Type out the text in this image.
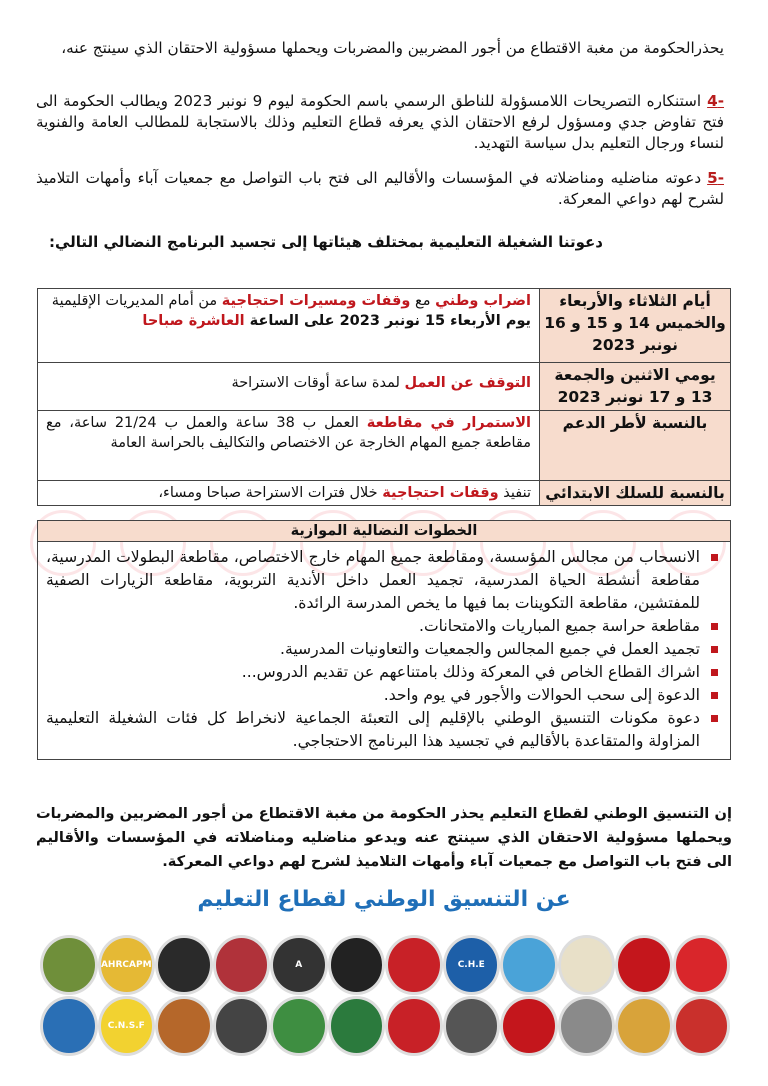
يحذرالحكومة من مغبة الاقتطاع من أجور المضربين والمضربات ويحملها مسؤولية الاحتقان الذي سينتج عنه،
-4استنكاره التصريحات اللامسؤولة للناطق الرسمي باسم الحكومة ليوم 9 نونبر 2023 ويطالب الحكومة الى فتح تفاوض جدي ومسؤول لرفع الاحتقان الذي يعرفه قطاع التعليم وذلك بالاستجابة للمطالب العامة والفنوية لنساء ورجال التعليم بدل سياسة التهديد.
-5دعوته مناضليه ومناضلاته في المؤسسات والأقاليم الى فتح باب التواصل مع جمعيات آباء وأمهات التلاميذ لشرح لهم دواعي المعركة.
دعوتنا الشغيلة التعليمية بمختلف هيئاتها إلى تجسيد البرنامج النضالي التالي:
أيام الثلاثاء والأربعاء والخميس 14 و 15 و 16 نونبر 2023	اضراب وطني مع وقفات ومسيرات احتجاجية من أمام المديريات الإقليمية
يوم الأربعاء 15 نونبر 2023 على الساعة العاشرة صباحا
يومي الاثنين والجمعة 13 و 17 نونبر 2023	التوقف عن العمل لمدة ساعة أوقات الاستراحة
بالنسبة لأطر الدعم	الاستمرار في مقاطعة العمل ب 38 ساعة والعمل ب 21/24 ساعة، مع مقاطعة جميع المهام الخارجة عن الاختصاص والتكاليف بالحراسة العامة
بالنسبة للسلك الابتدائي	تنفيذ وقفات احتجاجية خلال فترات الاستراحة صباحا ومساء،
الخطوات النضالية الموازية
الانسحاب من مجالس المؤسسة، ومقاطعة جميع المهام خارج الاختصاص، مقاطعة البطولات المدرسية، مقاطعة أنشطة الحياة المدرسية، تجميد العمل داخل الأندية التربوية، مقاطعة الزيارات الصفية للمفتشين، مقاطعة التكوينات بما فيها ما يخص المدرسة الرائدة.
مقاطعة حراسة جميع المباريات والامتحانات.
تجميد العمل في جميع المجالس والجمعيات والتعاونيات المدرسية.
اشراك القطاع الخاص في المعركة وذلك بامتناعهم عن تقديم الدروس...
الدعوة إلى سحب الحوالات والأجور في يوم واحد.
دعوة مكونات التنسيق الوطني بالإقليم إلى التعبئة الجماعية لانخراط كل فئات الشغيلة التعليمية المزاولة والمتقاعدة بالأقاليم في تجسيد هذا البرنامج الاحتجاجي.
إن التنسيق الوطني لقطاع التعليم يحذر الحكومة من مغبة الاقتطاع من أجور المضربين والمضربات ويحملها مسؤولية الاحتقان الذي سينتج عنه ويدعو مناضليه ومناضلاته في المؤسسات والأقاليم الى فتح باب التواصل مع جمعيات آباء وأمهات التلاميذ لشرح لهم دواعي المعركة.
عن التنسيق الوطني لقطاع التعليم
C.H.E
A
AHRCAPM
C.N.S.F
